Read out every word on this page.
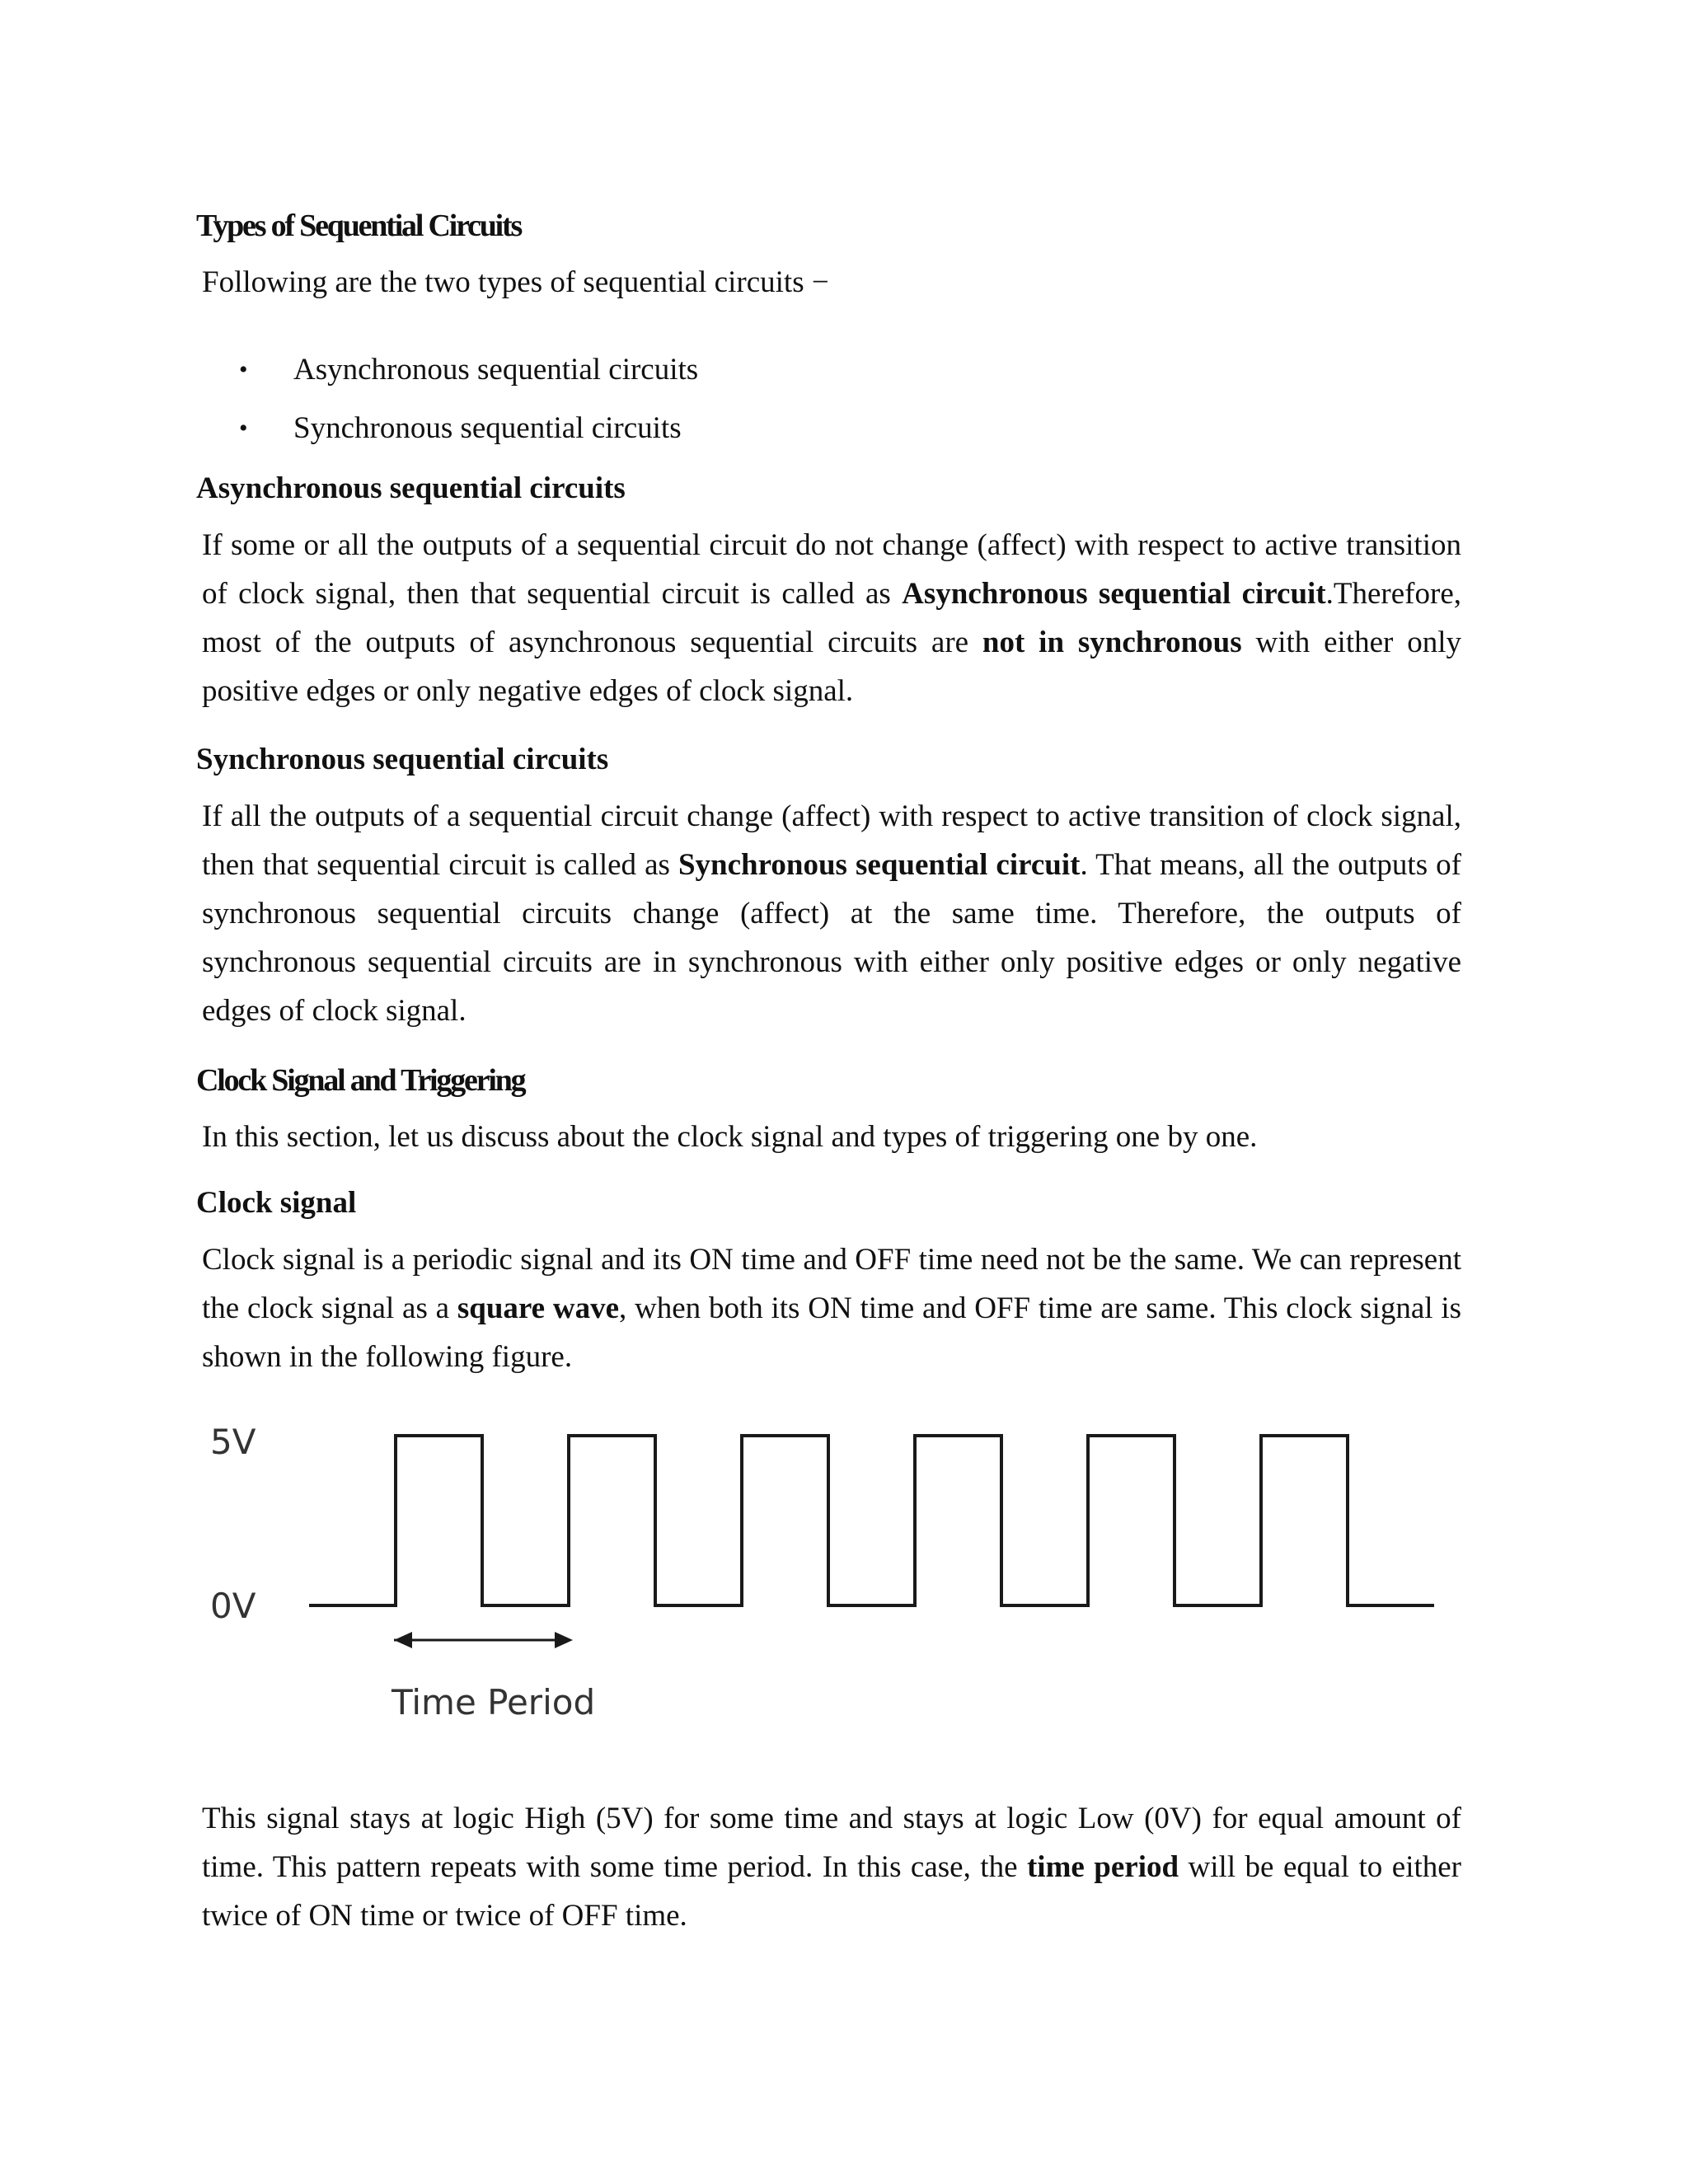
Types of Sequential Circuits
Following are the two types of sequential circuits −
• Asynchronous sequential circuits
• Synchronous sequential circuits
Asynchronous sequential circuits

If some or all the outputs of a sequential circuit do not change (affect) with respect to active transition of clock signal, then that sequential circuit is called as Asynchronous sequential circuit.Therefore, most of the outputs of asynchronous sequential circuits are not in synchronous with either only positive edges or only negative edges of clock signal.

Synchronous sequential circuits

If all the outputs of a sequential circuit change (affect) with respect to active transition of clock signal, then that sequential circuit is called as Synchronous sequential circuit. That means, all the outputs of synchronous sequential circuits change (affect) at the same time. Therefore, the outputs of synchronous sequential circuits are in synchronous with either only positive edges or only negative edges of clock signal.

Clock Signal and Triggering
In this section, let us discuss about the clock signal and types of triggering one by one.
Clock signal

Clock signal is a periodic signal and its ON time and OFF time need not be the same. We can represent the clock signal as a square wave, when both its ON time and OFF time are same. This clock signal is shown in the following figure.

5V
0V
Time Period

This signal stays at logic High (5V) for some time and stays at logic Low (0V) for equal amount of time. This pattern repeats with some time period. In this case, the time period will be equal to either twice of ON time or twice of OFF time.
